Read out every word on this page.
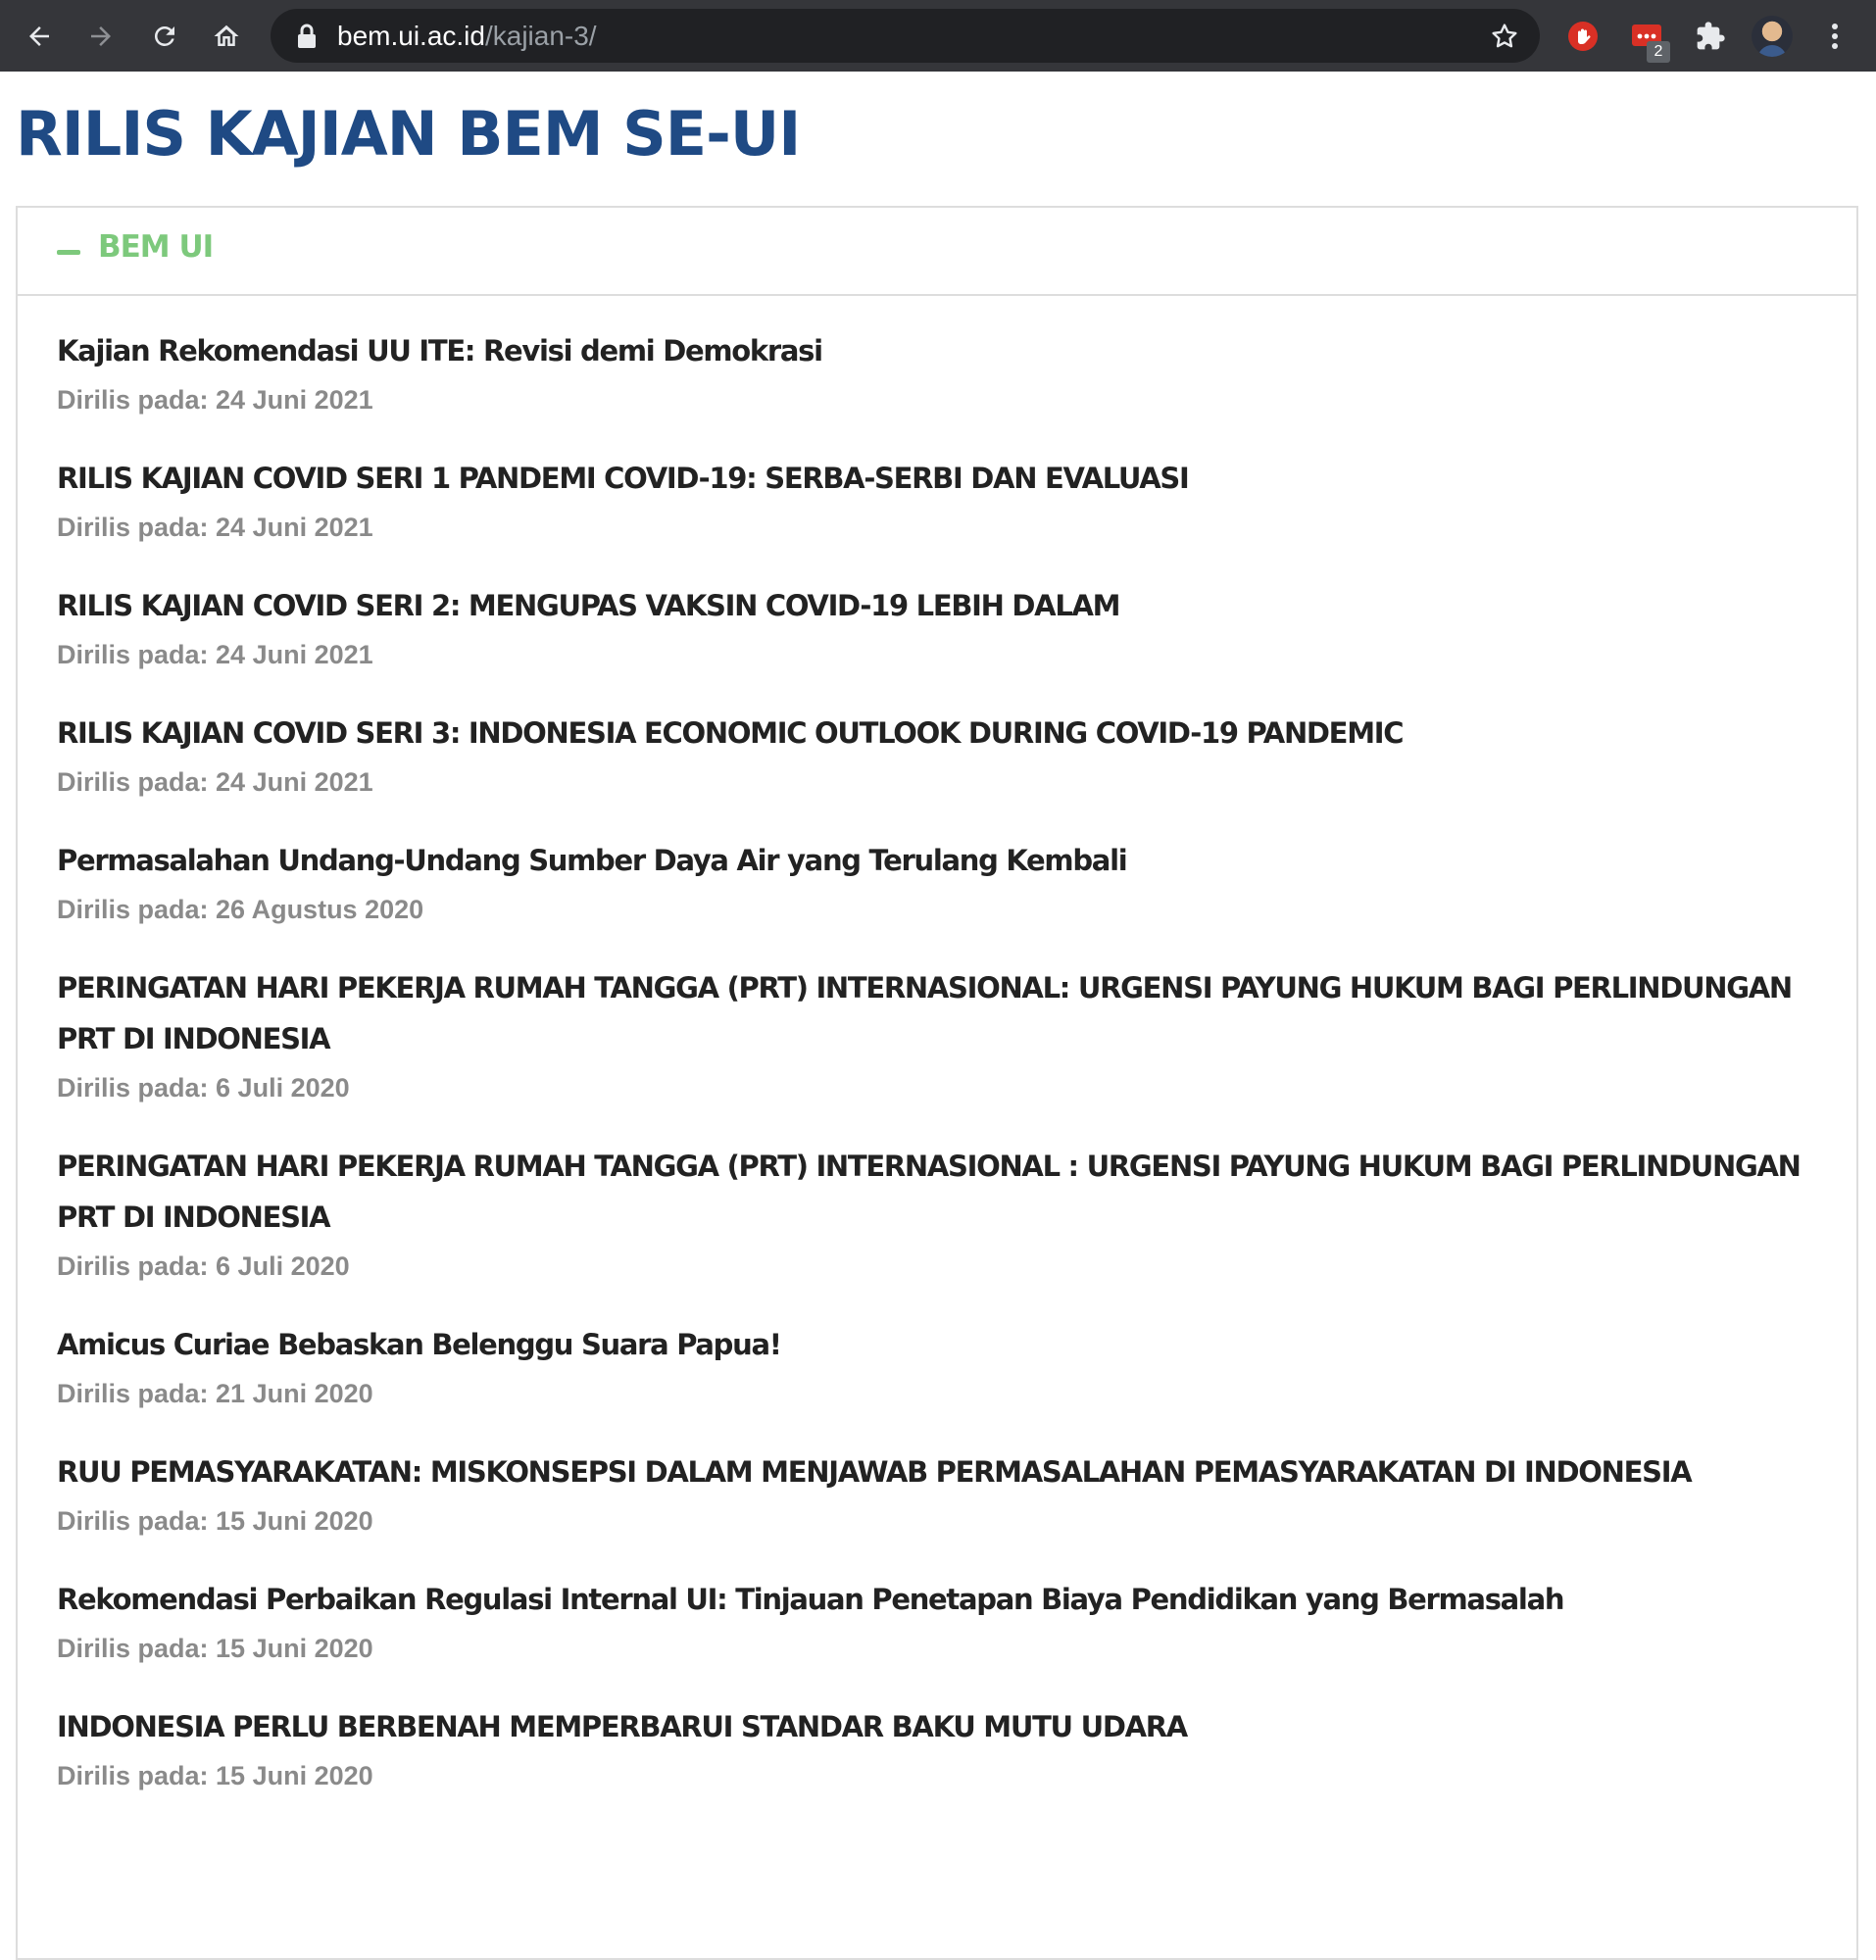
bem.ui.ac.id/kajian-3/
2
RILIS KAJIAN BEM SE-UI
BEM UI
Kajian Rekomendasi UU ITE: Revisi demi Demokrasi
Dirilis pada: 24 Juni 2021
RILIS KAJIAN COVID SERI 1 PANDEMI COVID-19: SERBA-SERBI DAN EVALUASI
Dirilis pada: 24 Juni 2021
RILIS KAJIAN COVID SERI 2: MENGUPAS VAKSIN COVID-19 LEBIH DALAM
Dirilis pada: 24 Juni 2021
RILIS KAJIAN COVID SERI 3: INDONESIA ECONOMIC OUTLOOK DURING COVID-19 PANDEMIC
Dirilis pada: 24 Juni 2021
Permasalahan Undang-Undang Sumber Daya Air yang Terulang Kembali
Dirilis pada: 26 Agustus 2020
PERINGATAN HARI PEKERJA RUMAH TANGGA (PRT) INTERNASIONAL: URGENSI PAYUNG HUKUM BAGI PERLINDUNGAN PRT DI INDONESIA
Dirilis pada: 6 Juli 2020
PERINGATAN HARI PEKERJA RUMAH TANGGA (PRT) INTERNASIONAL : URGENSI PAYUNG HUKUM BAGI PERLINDUNGAN PRT DI INDONESIA
Dirilis pada: 6 Juli 2020
Amicus Curiae Bebaskan Belenggu Suara Papua!
Dirilis pada: 21 Juni 2020
RUU PEMASYARAKATAN: MISKONSEPSI DALAM MENJAWAB PERMASALAHAN PEMASYARAKATAN DI INDONESIA
Dirilis pada: 15 Juni 2020
Rekomendasi Perbaikan Regulasi Internal UI: Tinjauan Penetapan Biaya Pendidikan yang Bermasalah
Dirilis pada: 15 Juni 2020
INDONESIA PERLU BERBENAH MEMPERBARUI STANDAR BAKU MUTU UDARA
Dirilis pada: 15 Juni 2020
